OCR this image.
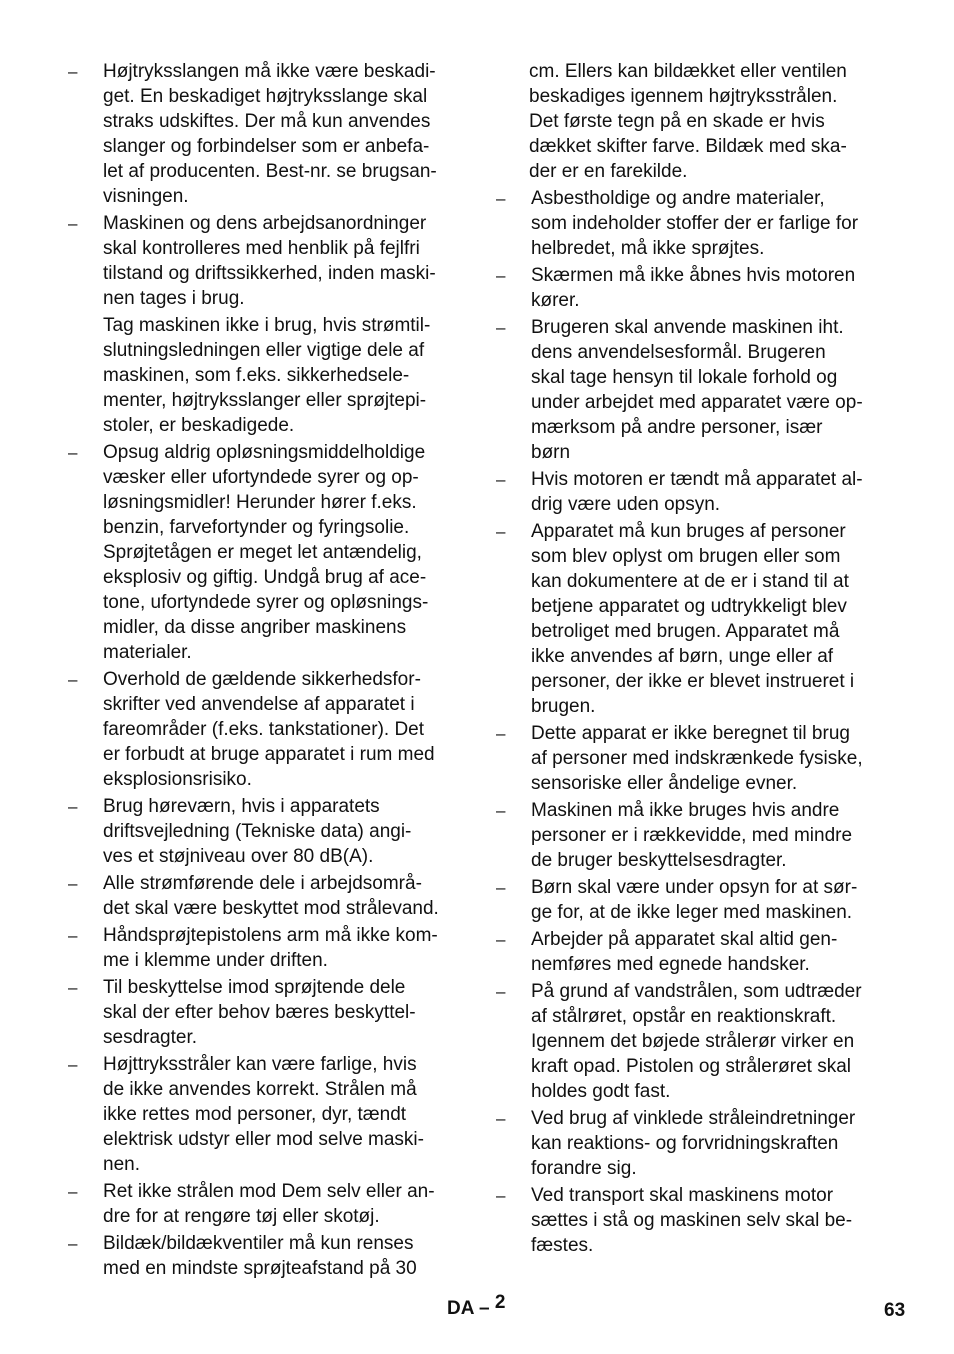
– Højtryksslangen må ikke være beskadi-
get. En beskadiget højtryksslange skal
straks udskiftes. Der må kun anvendes
slanger og forbindelser som er anbefa-
let af producenten. Best-nr. se brugsan-
visningen.

– Maskinen og dens arbejdsanordninger
skal kontrolleres med henblik på fejlfri
tilstand og driftssikkerhed, inden maski-
nen tages i brug.

Tag maskinen ikke i brug, hvis strømtil-
slutningsledningen eller vigtige dele af
maskinen, som f.eks. sikkerhedsele-
menter, højtryksslanger eller sprøjtepi-
stoler, er beskadigede.

– Opsug aldrig opløsningsmiddelholdige
væsker eller ufortyndede syrer og op-
løsningsmidler! Herunder hører f.eks.
benzin, farvefortynder og fyringsolie.
Sprøjtetågen er meget let antændelig,
eksplosiv og giftig. Undgå brug af ace-
tone, ufortyndede syrer og opløsnings-
midler, da disse angriber maskinens
materialer.

– Overhold de gældende sikkerhedsfor-
skrifter ved anvendelse af apparatet i
fareområder (f.eks. tankstationer). Det
er forbudt at bruge apparatet i rum med
eksplosionsrisiko.

– Brug høreværn, hvis i apparatets
driftsvejledning (Tekniske data) angi-
ves et støjniveau over 80 dB(A).

– Alle strømførende dele i arbejdsområ-
det skal være beskyttet mod strålevand.

– Håndsprøjtepistolens arm må ikke kom-
me i klemme under driften.

– Til beskyttelse imod sprøjtende dele
skal der efter behov bæres beskyttel-
sesdragter.

– Højttryksstråler kan være farlige, hvis
de ikke anvendes korrekt. Strålen må
ikke rettes mod personer, dyr, tændt
elektrisk udstyr eller mod selve maski-
nen.

– Ret ikke strålen mod Dem selv eller an-
dre for at rengøre tøj eller skotøj.

– Bildæk/bildækventiler må kun renses
med en mindste sprøjteafstand på 30

cm. Ellers kan bildækket eller ventilen
beskadiges igennem højtryksstrålen.
Det første tegn på en skade er hvis
dækket skifter farve. Bildæk med ska-
der er en farekilde.

– Asbestholdige og andre materialer,
som indeholder stoffer der er farlige for
helbredet, må ikke sprøjtes.

– Skærmen må ikke åbnes hvis motoren
kører.

– Brugeren skal anvende maskinen iht.
dens anvendelsesformål. Brugeren
skal tage hensyn til lokale forhold og
under arbejdet med apparatet være op-
mærksom på andre personer, især
børn

– Hvis motoren er tændt må apparatet al-
drig være uden opsyn.

– Apparatet må kun bruges af personer
som blev oplyst om brugen eller som
kan dokumentere at de er i stand til at
betjene apparatet og udtrykkeligt blev
betroliget med brugen. Apparatet må
ikke anvendes af børn, unge eller af
personer, der ikke er blevet instrueret i
brugen.

– Dette apparat er ikke beregnet til brug
af personer med indskrænkede fysiske,
sensoriske eller åndelige evner.

– Maskinen må ikke bruges hvis andre
personer er i rækkevidde, med mindre
de bruger beskyttelsesdragter.

– Børn skal være under opsyn for at sør-
ge for, at de ikke leger med maskinen.

– Arbejder på apparatet skal altid gen-
nemføres med egnede handsker.

– På grund af vandstrålen, som udtræder
af stålrøret, opstår en reaktionskraft.
Igennem det bøjede strålerør virker en
kraft opad. Pistolen og strålerøret skal
holdes godt fast.

– Ved brug af vinklede stråleindretninger
kan reaktions- og forvridningskraften
forandre sig.

– Ved transport skal maskinens motor
sættes i stå og maskinen selv skal be-
fæstes.

DA – 2	63
